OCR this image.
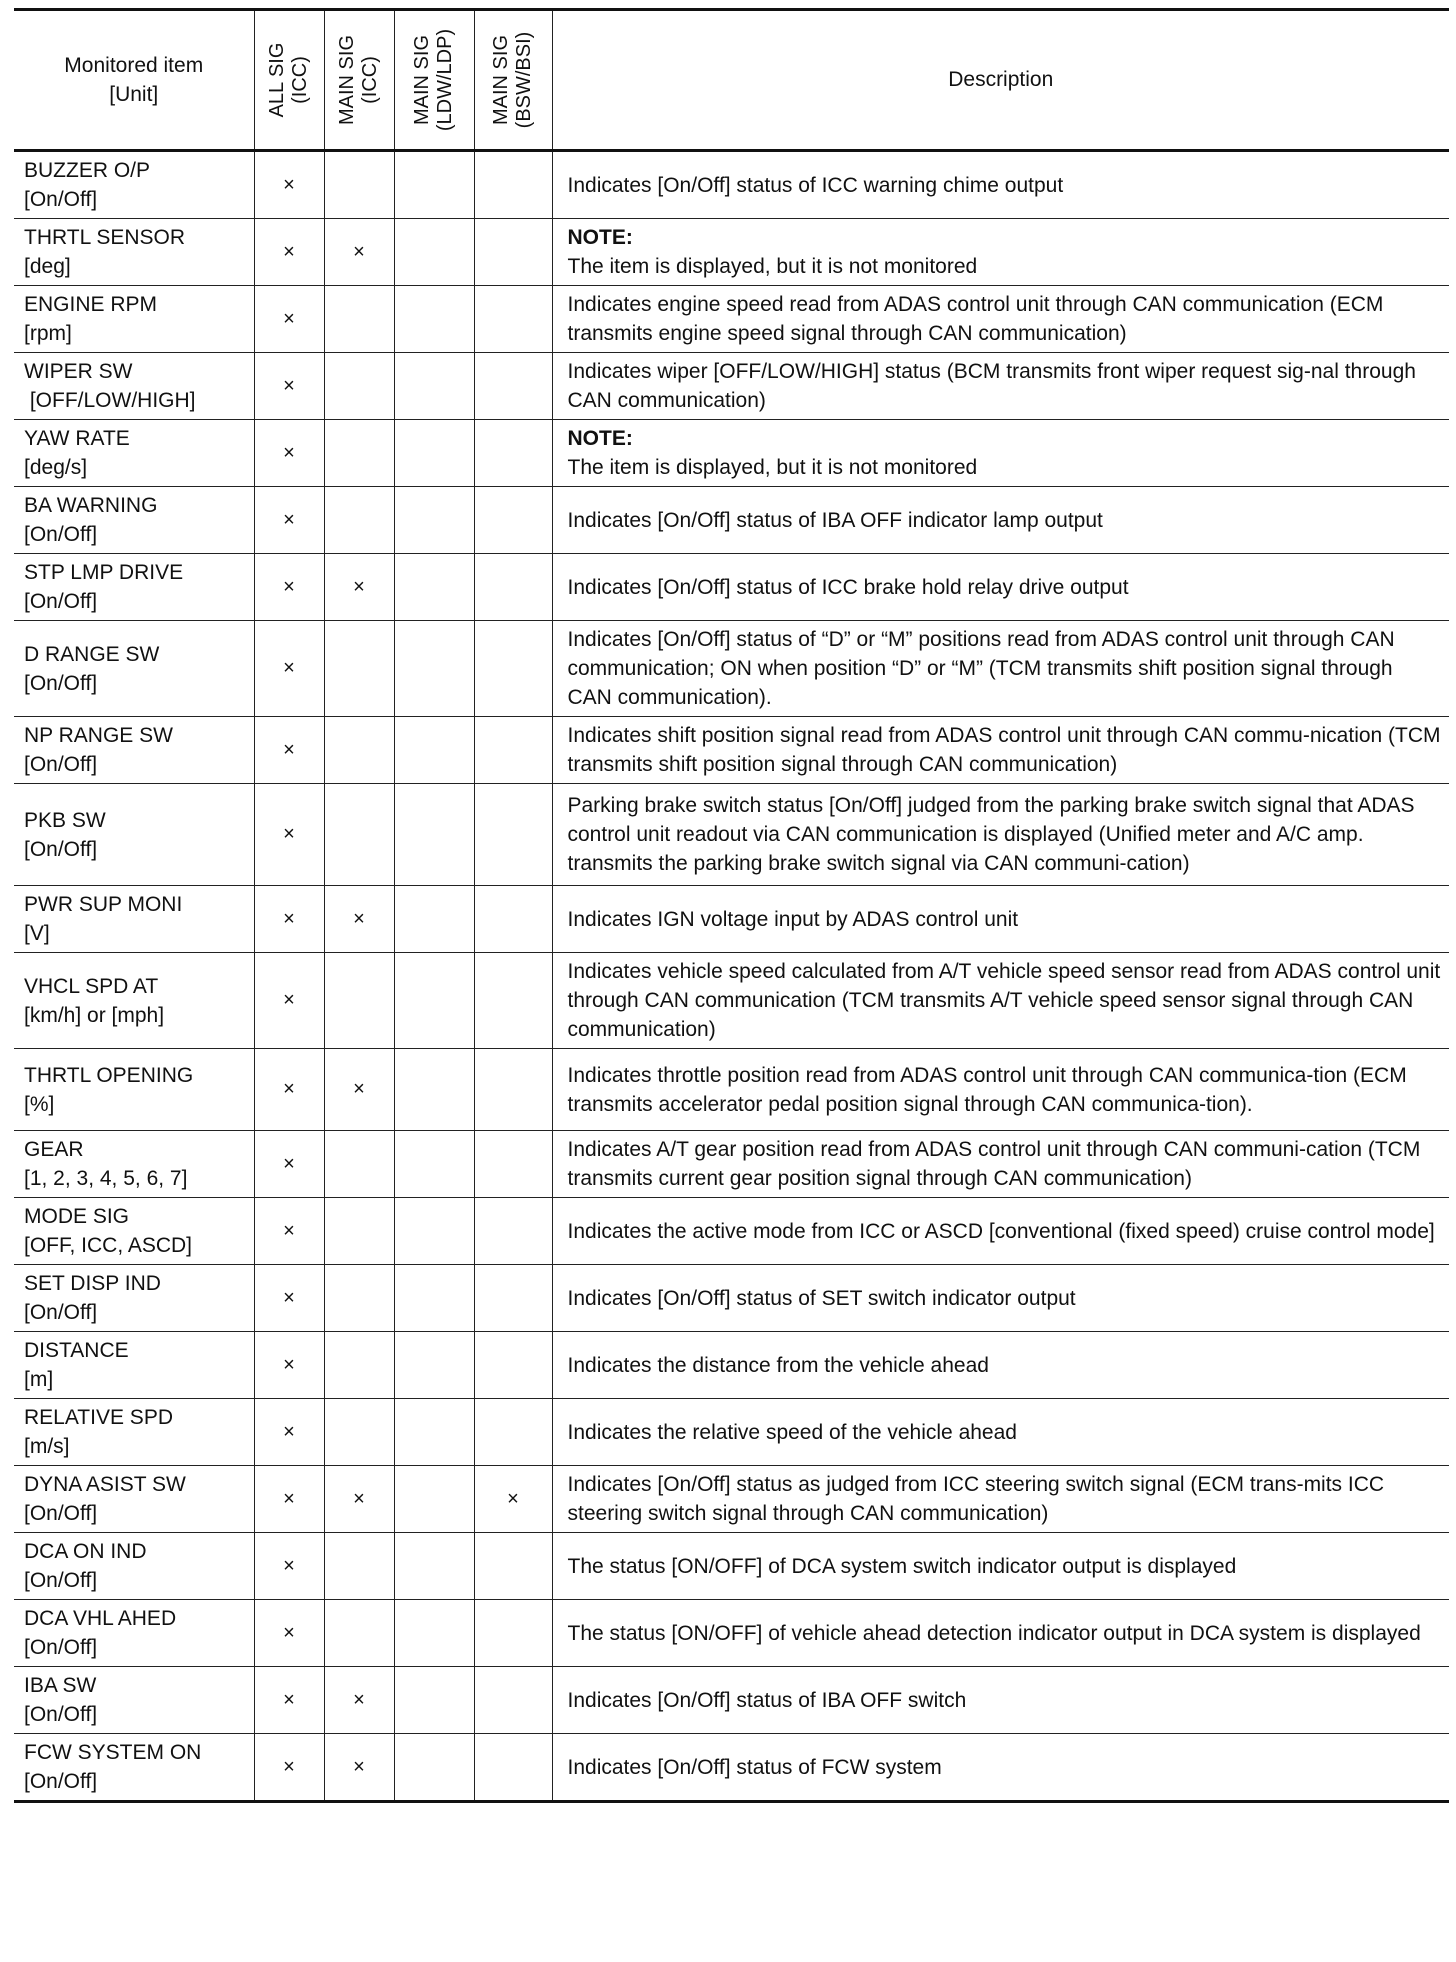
Monitored item
[Unit]	ALL SIG (ICC)	MAIN SIG (ICC)	MAIN SIG (LDW/LDP)	MAIN SIG (BSW/BSI)	Description

BUZZER O/P
[On/Off]	×				Indicates [On/Off] status of ICC warning chime output

THRTL SENSOR
[deg]	×	×			NOTE:
The item is displayed, but it is not monitored

ENGINE RPM
[rpm]	×				Indicates engine speed read from ADAS control unit through CAN communication (ECM transmits engine speed signal through CAN communication)

WIPER SW
[OFF/LOW/HIGH]	×				Indicates wiper [OFF/LOW/HIGH] status (BCM transmits front wiper request sig-nal through CAN communication)

YAW RATE
[deg/s]	×				NOTE:
The item is displayed, but it is not monitored

BA WARNING
[On/Off]	×				Indicates [On/Off] status of IBA OFF indicator lamp output

STP LMP DRIVE
[On/Off]	×	×			Indicates [On/Off] status of ICC brake hold relay drive output

D RANGE SW
[On/Off]	×				Indicates [On/Off] status of “D” or “M” positions read from ADAS control unit through CAN communication; ON when position “D” or “M” (TCM transmits shift position signal through CAN communication).

NP RANGE SW
[On/Off]	×				Indicates shift position signal read from ADAS control unit through CAN commu-nication (TCM transmits shift position signal through CAN communication)

PKB SW
[On/Off]	×				Parking brake switch status [On/Off] judged from the parking brake switch signal that ADAS control unit readout via CAN communication is displayed (Unified meter and A/C amp. transmits the parking brake switch signal via CAN communi-cation)

PWR SUP MONI
[V]	×	×			Indicates IGN voltage input by ADAS control unit

VHCL SPD AT
[km/h] or [mph]	×				Indicates vehicle speed calculated from A/T vehicle speed sensor read from ADAS control unit through CAN communication (TCM transmits A/T vehicle speed sensor signal through CAN communication)

THRTL OPENING
[%]	×	×			Indicates throttle position read from ADAS control unit through CAN communica-tion (ECM transmits accelerator pedal position signal through CAN communica-tion).

GEAR
[1, 2, 3, 4, 5, 6, 7]	×				Indicates A/T gear position read from ADAS control unit through CAN communi-cation (TCM transmits current gear position signal through CAN communication)

MODE SIG
[OFF, ICC, ASCD]	×				Indicates the active mode from ICC or ASCD [conventional (fixed speed) cruise control mode]

SET DISP IND
[On/Off]	×				Indicates [On/Off] status of SET switch indicator output

DISTANCE
[m]	×				Indicates the distance from the vehicle ahead

RELATIVE SPD
[m/s]	×				Indicates the relative speed of the vehicle ahead

DYNA ASIST SW
[On/Off]	×	×		×	Indicates [On/Off] status as judged from ICC steering switch signal (ECM trans-mits ICC steering switch signal through CAN communication)

DCA ON IND
[On/Off]	×				The status [ON/OFF] of DCA system switch indicator output is displayed

DCA VHL AHED
[On/Off]	×				The status [ON/OFF] of vehicle ahead detection indicator output in DCA system is displayed

IBA SW
[On/Off]	×	×			Indicates [On/Off] status of IBA OFF switch

FCW SYSTEM ON
[On/Off]	×	×			Indicates [On/Off] status of FCW system
